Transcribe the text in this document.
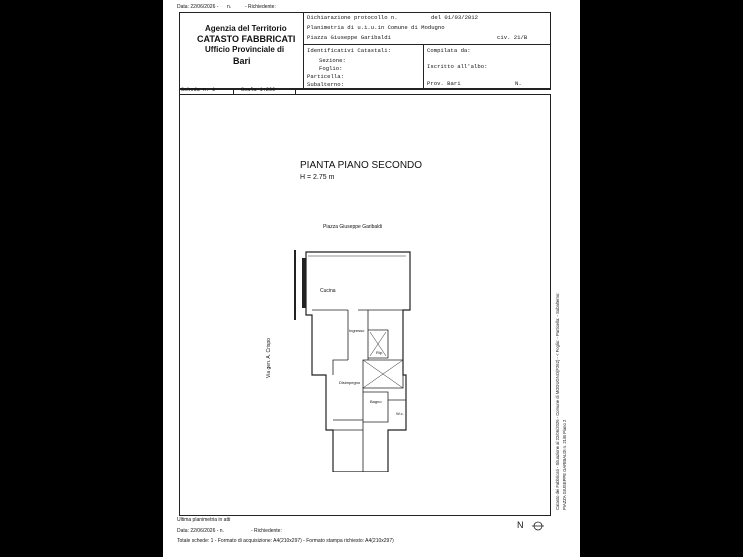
Data: 22/06/2026 - n.	- Richiedente:
Agenzia del Territorio
CATASTO FABBRICATI
Ufficio Provinciale di
Bari
Dichiarazione protocollo n.	del 01/03/2012
Planimetria di u.i.u.in Comune di Modugno
Piazza Giuseppe Garibaldi	civ. 21/B
Identificativi Catastali:
Sezione:
Foglio:
Particella:
Subalterno:
Compilata da:
Iscritto all'albo:
Prov. Bari	N.
Scheda n. 1	Scala 1:200
PIANTA PIANO SECONDO
H = 2.75 m
Piazza Giuseppe Garibaldi
Via gen. A. Crispo
Cucina
Ingresso
Rip.
Disimpegno
Bagno
W.c.	Catasto dei Fabbricati - Situazione al 22/06/2026 - Comune di MODUGNO(F262) - < Foglio: - Particella: - Subalterno: PIAZZA GIUSEPPE GARIBALDI n. 21/B Piano 2
N
Ultima planimetria in atti
Data: 22/06/2026 - n.	- Richiedente:
Totale schede: 1 - Formato di acquisizione: A4(210x297) - Formato stampa richiesto: A4(210x297)
